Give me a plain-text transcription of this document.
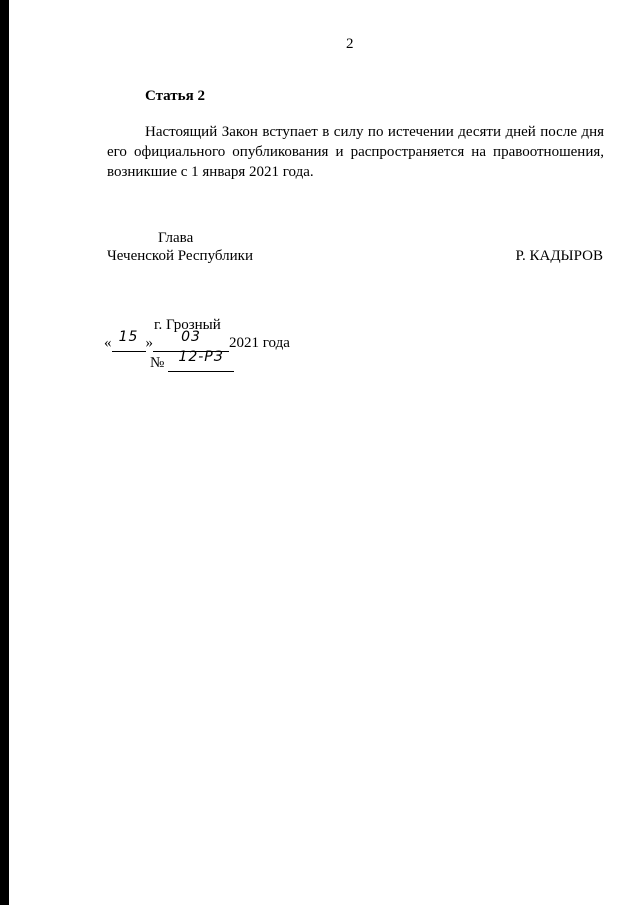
2
Статья 2

Настоящий Закон вступает в силу по истечении десяти дней после дня его официального опубликования и распространяется на правоотношения, возникшие с 1 января 2021 года.

Глава
Чеченской Республики	Р. КАДЫРОВ
г. Грозный
« 15 » 03 2021 года
№ 12-РЗ
